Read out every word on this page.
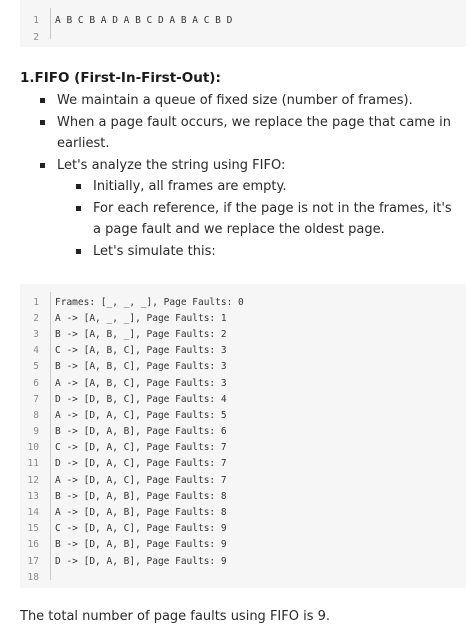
1	A B C B A D A B C D A B A C B D
2
1.FIFO (First-In-First-Out):
We maintain a queue of fixed size (number of frames).
When a page fault occurs, we replace the page that came in earliest.
Let's analyze the string using FIFO:
Initially, all frames are empty.
For each reference, if the page is not in the frames, it's a page fault and we replace the oldest page.
Let's simulate this:
1	Frames: [_, _, _], Page Faults: 0
2	A -> [A, _, _], Page Faults: 1
3	B -> [A, B, _], Page Faults: 2
4	C -> [A, B, C], Page Faults: 3
5	B -> [A, B, C], Page Faults: 3
6	A -> [A, B, C], Page Faults: 3
7	D -> [D, B, C], Page Faults: 4
8	A -> [D, A, C], Page Faults: 5
9	B -> [D, A, B], Page Faults: 6
10	C -> [D, A, C], Page Faults: 7
11	D -> [D, A, C], Page Faults: 7
12	A -> [D, A, C], Page Faults: 7
13	B -> [D, A, B], Page Faults: 8
14	A -> [D, A, B], Page Faults: 8
15	C -> [D, A, C], Page Faults: 9
16	B -> [D, A, B], Page Faults: 9
17	D -> [D, A, B], Page Faults: 9
18
The total number of page faults using FIFO is 9.
